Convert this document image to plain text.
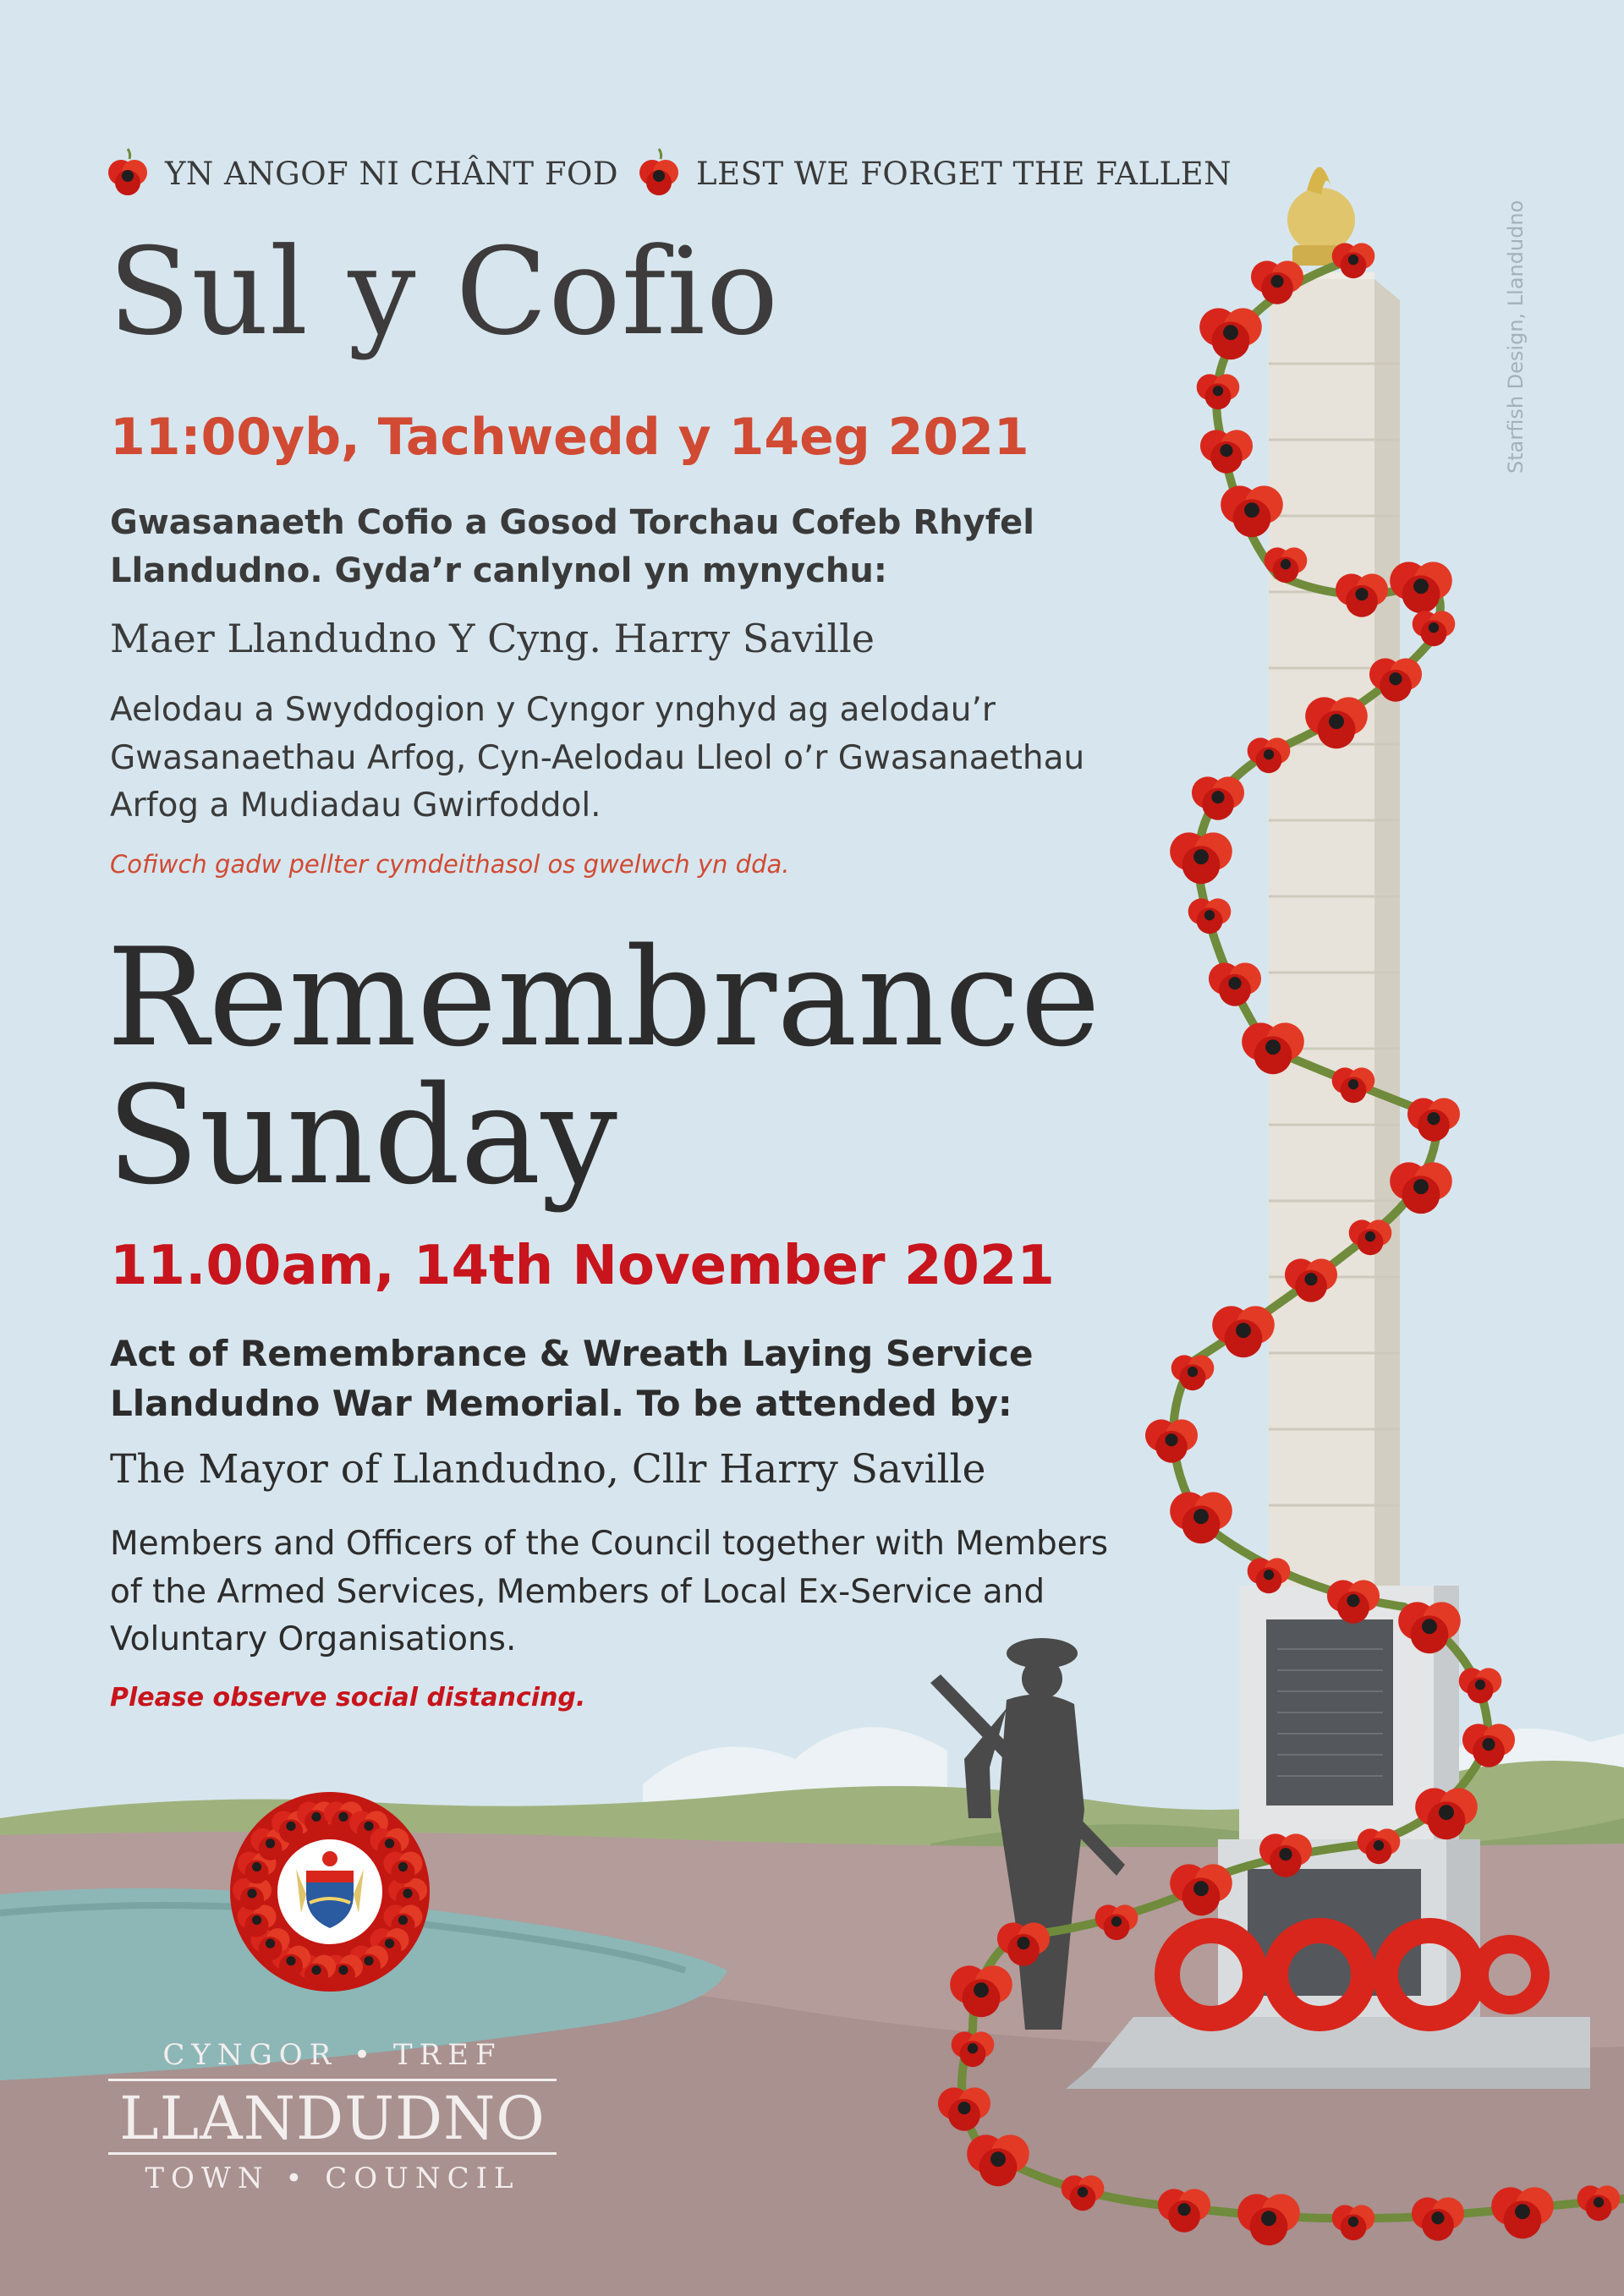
YN ANGOF NI CHÂNT FOD LEST WE FORGET THE FALLEN
Sul y Cofio
11:00yb, Tachwedd y 14eg 2021
Gwasanaeth Cofio a Gosod Torchau Cofeb Rhyfel Llandudno. Gyda’r canlynol yn mynychu:
Maer Llandudno Y Cyng. Harry Saville
Aelodau a Swyddogion y Cyngor ynghyd ag aelodau’r Gwasanaethau Arfog, Cyn-Aelodau Lleol o’r Gwasanaethau Arfog a Mudiadau Gwirfoddol.
Cofiwch gadw pellter cymdeithasol os gwelwch yn dda.
Remembrance
Sunday
11.00am, 14th November 2021
Act of Remembrance & Wreath Laying Service Llandudno War Memorial. To be attended by:
The Mayor of Llandudno, Cllr Harry Saville
Members and Officers of the Council together with Members of the Armed Services, Members of Local Ex-Service and Voluntary Organisations.
Please observe social distancing.
Starfish Design, Llandudno
CYNGOR • TREF
LLANDUDNO
TOWN • COUNCIL
